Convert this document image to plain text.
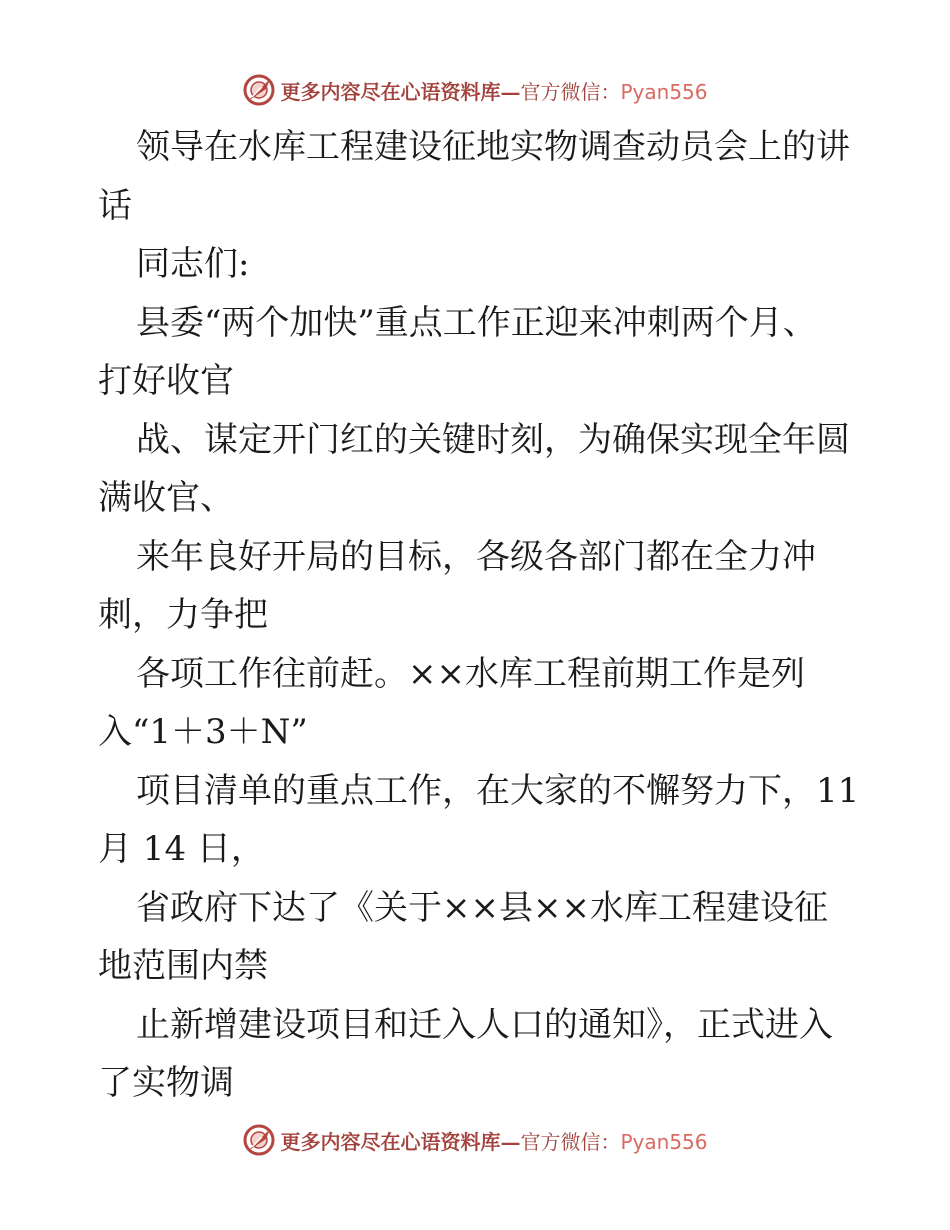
更多内容尽在心语资料库—官方微信：Pyan556
领导在水库工程建设征地实物调查动员会上的讲
话
同志们:
县委“两个加快”重点工作正迎来冲刺两个月、
打好收官
战、谋定开门红的关键时刻，为确保实现全年圆
满收官、
来年良好开局的目标，各级各部门都在全力冲
刺，力争把
各项工作往前赶。××水库工程前期工作是列
入“1＋3＋N”
项目清单的重点工作，在大家的不懈努力下，11
月 14 日，
省政府下达了《关于××县××水库工程建设征
地范围内禁
止新增建设项目和迁入人口的通知》，正式进入
了实物调
更多内容尽在心语资料库—官方微信：Pyan556
